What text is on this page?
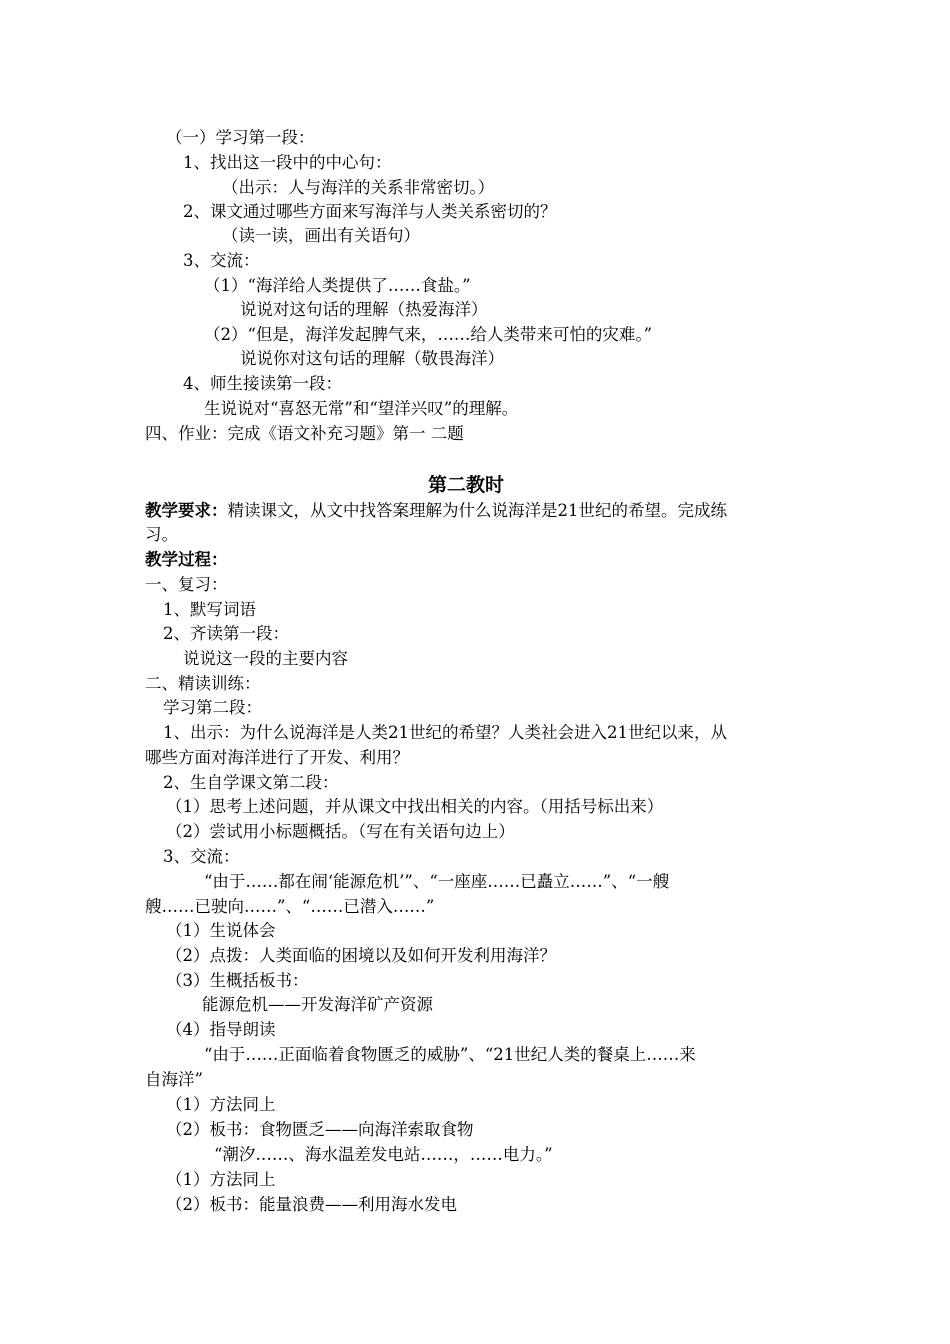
（一）学习第一段：
1、找出这一段中的中心句：
（出示：人与海洋的关系非常密切。）
2、课文通过哪些方面来写海洋与人类关系密切的？
（读一读，画出有关语句）
3、交流：
（1）“海洋给人类提供了……食盐。”
说说对这句话的理解（热爱海洋）
（2）“但是，海洋发起脾气来，……给人类带来可怕的灾难。”
说说你对这句话的理解（敬畏海洋）
4、师生接读第一段：
生说说对“喜怒无常”和“望洋兴叹”的理解。
四、作业：完成《语文补充习题》第一 二题
第二教时
教学要求：精读课文，从文中找答案理解为什么说海洋是21世纪的希望。完成练
习。
教学过程：
一、复习：
1、默写词语
2、齐读第一段：
说说这一段的主要内容
二、精读训练：
学习第二段：
1、出示：为什么说海洋是人类21世纪的希望？人类社会进入21世纪以来，从
哪些方面对海洋进行了开发、利用？
2、生自学课文第二段：
（1）思考上述问题，并从课文中找出相关的内容。（用括号标出来）
（2）尝试用小标题概括。（写在有关语句边上）
3、交流：
“由于……都在闹‘能源危机’”、“一座座……已矗立……”、“一艘
艘……已驶向……”、“……已潜入……”
（1）生说体会
（2）点拨：人类面临的困境以及如何开发利用海洋？
（3）生概括板书：
能源危机——开发海洋矿产资源
（4）指导朗读
“由于……正面临着食物匮乏的威胁”、“21世纪人类的餐桌上……来
自海洋”
（1）方法同上
（2）板书：食物匮乏——向海洋索取食物
“潮汐……、海水温差发电站……，……电力。”
（1）方法同上
（2）板书：能量浪费——利用海水发电
